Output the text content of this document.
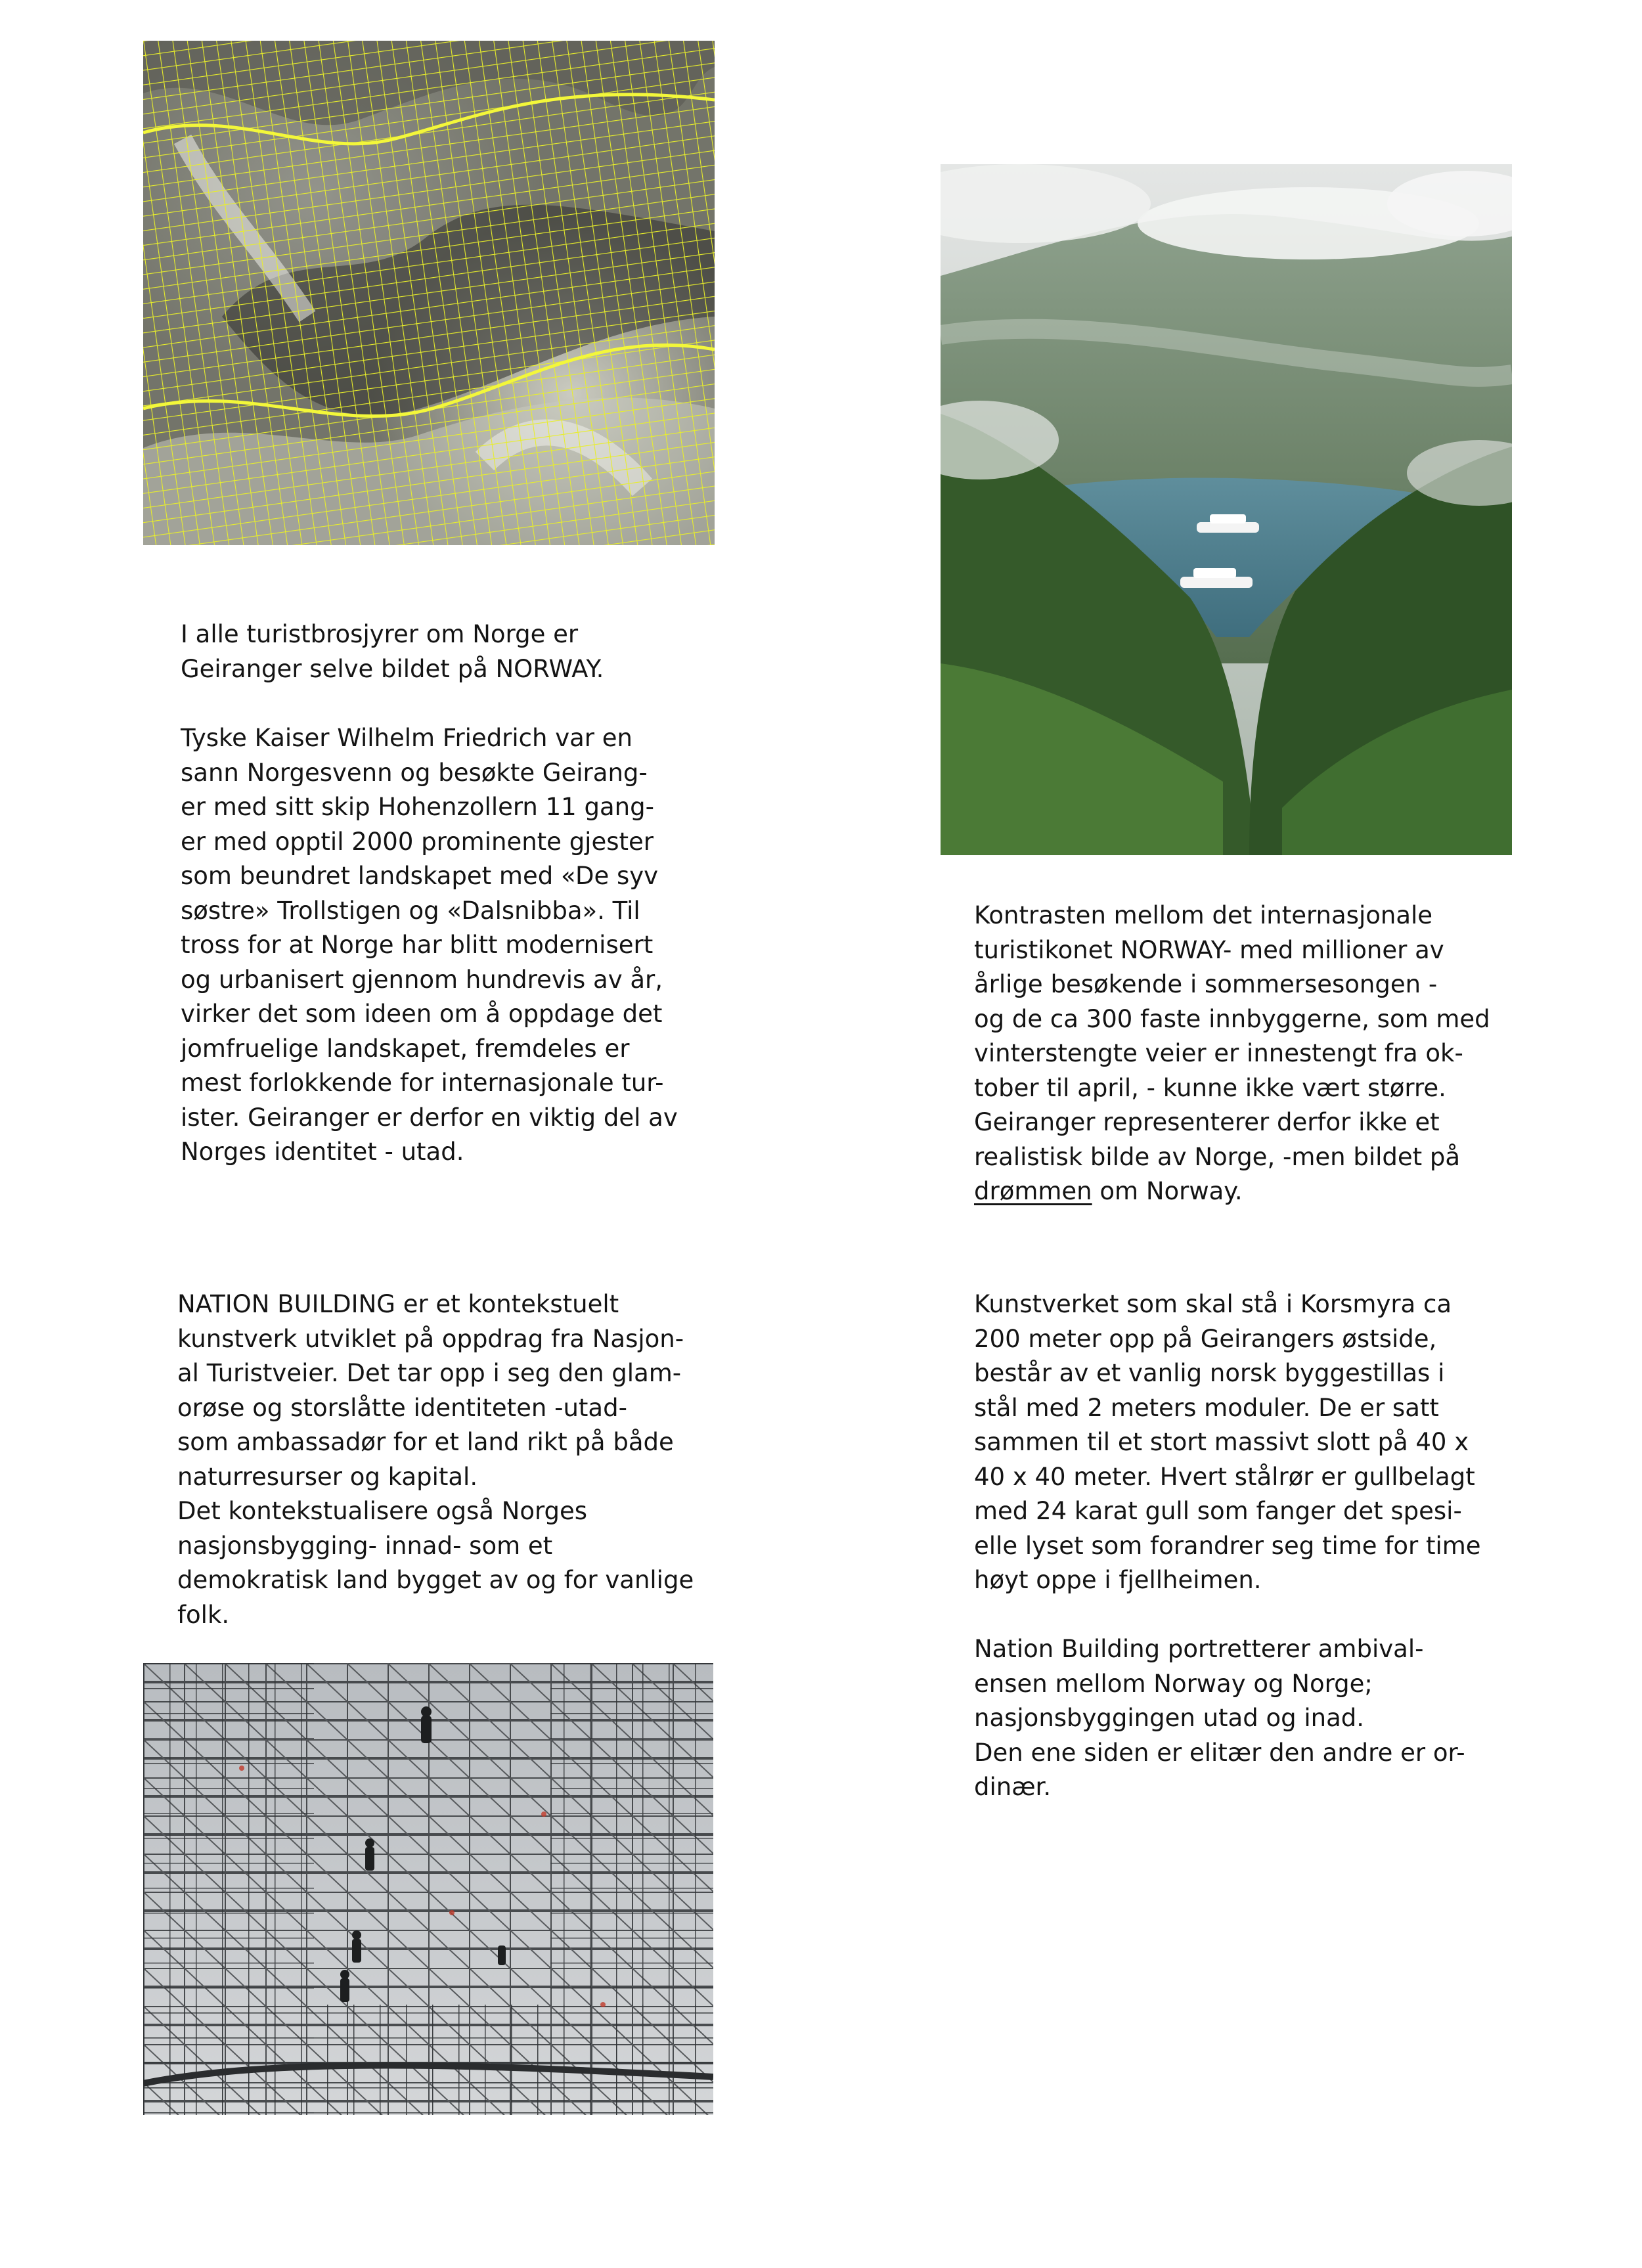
I alle turistbrosjyrer om Norge er
Geiranger selve bildet på NORWAY.

Tyske Kaiser Wilhelm Friedrich var en
sann Norgesvenn og besøkte Geirang-
er med sitt skip Hohenzollern 11 gang-
er med opptil 2000 prominente gjester
som beundret landskapet med «De syv
søstre» Trollstigen og «Dalsnibba». Til
tross for at Norge har blitt modernisert
og urbanisert gjennom hundrevis av år,
virker det som ideen om å oppdage det
jomfruelige landskapet, fremdeles er
mest forlokkende for internasjonale tur-
ister. Geiranger er derfor en viktig del av
Norges identitet - utad.

Kontrasten mellom det internasjonale
turistikonet NORWAY- med millioner av
årlige besøkende i sommersesongen -
og de ca 300 faste innbyggerne, som med
vinterstengte veier er innestengt fra ok-
tober til april, - kunne ikke vært større.
Geiranger representerer derfor ikke et
realistisk bilde av Norge, -men bildet på

drømmen om Norway.

NATION BUILDING er et kontekstuelt
kunstverk utviklet på oppdrag fra Nasjon-
al Turistveier. Det tar opp i seg den glam-
orøse og storslåtte identiteten -utad-
som ambassadør for et land rikt på både
naturresurser og kapital.
Det kontekstualisere også Norges
nasjonsbygging- innad- som et
demokratisk land bygget av og for vanlige
folk.

Kunstverket som skal stå i Korsmyra ca
200 meter opp på Geirangers østside,
består av et vanlig norsk byggestillas i
stål med 2 meters moduler. De er satt
sammen til et stort massivt slott på 40 x
40 x 40 meter. Hvert stålrør er gullbelagt
med 24 karat gull som fanger det spesi-
elle lyset som forandrer seg time for time
høyt oppe i fjellheimen.

Nation Building portretterer ambival-
ensen mellom Norway og Norge;
nasjonsbyggingen utad og inad.
Den ene siden er elitær den andre er or-
dinær.
